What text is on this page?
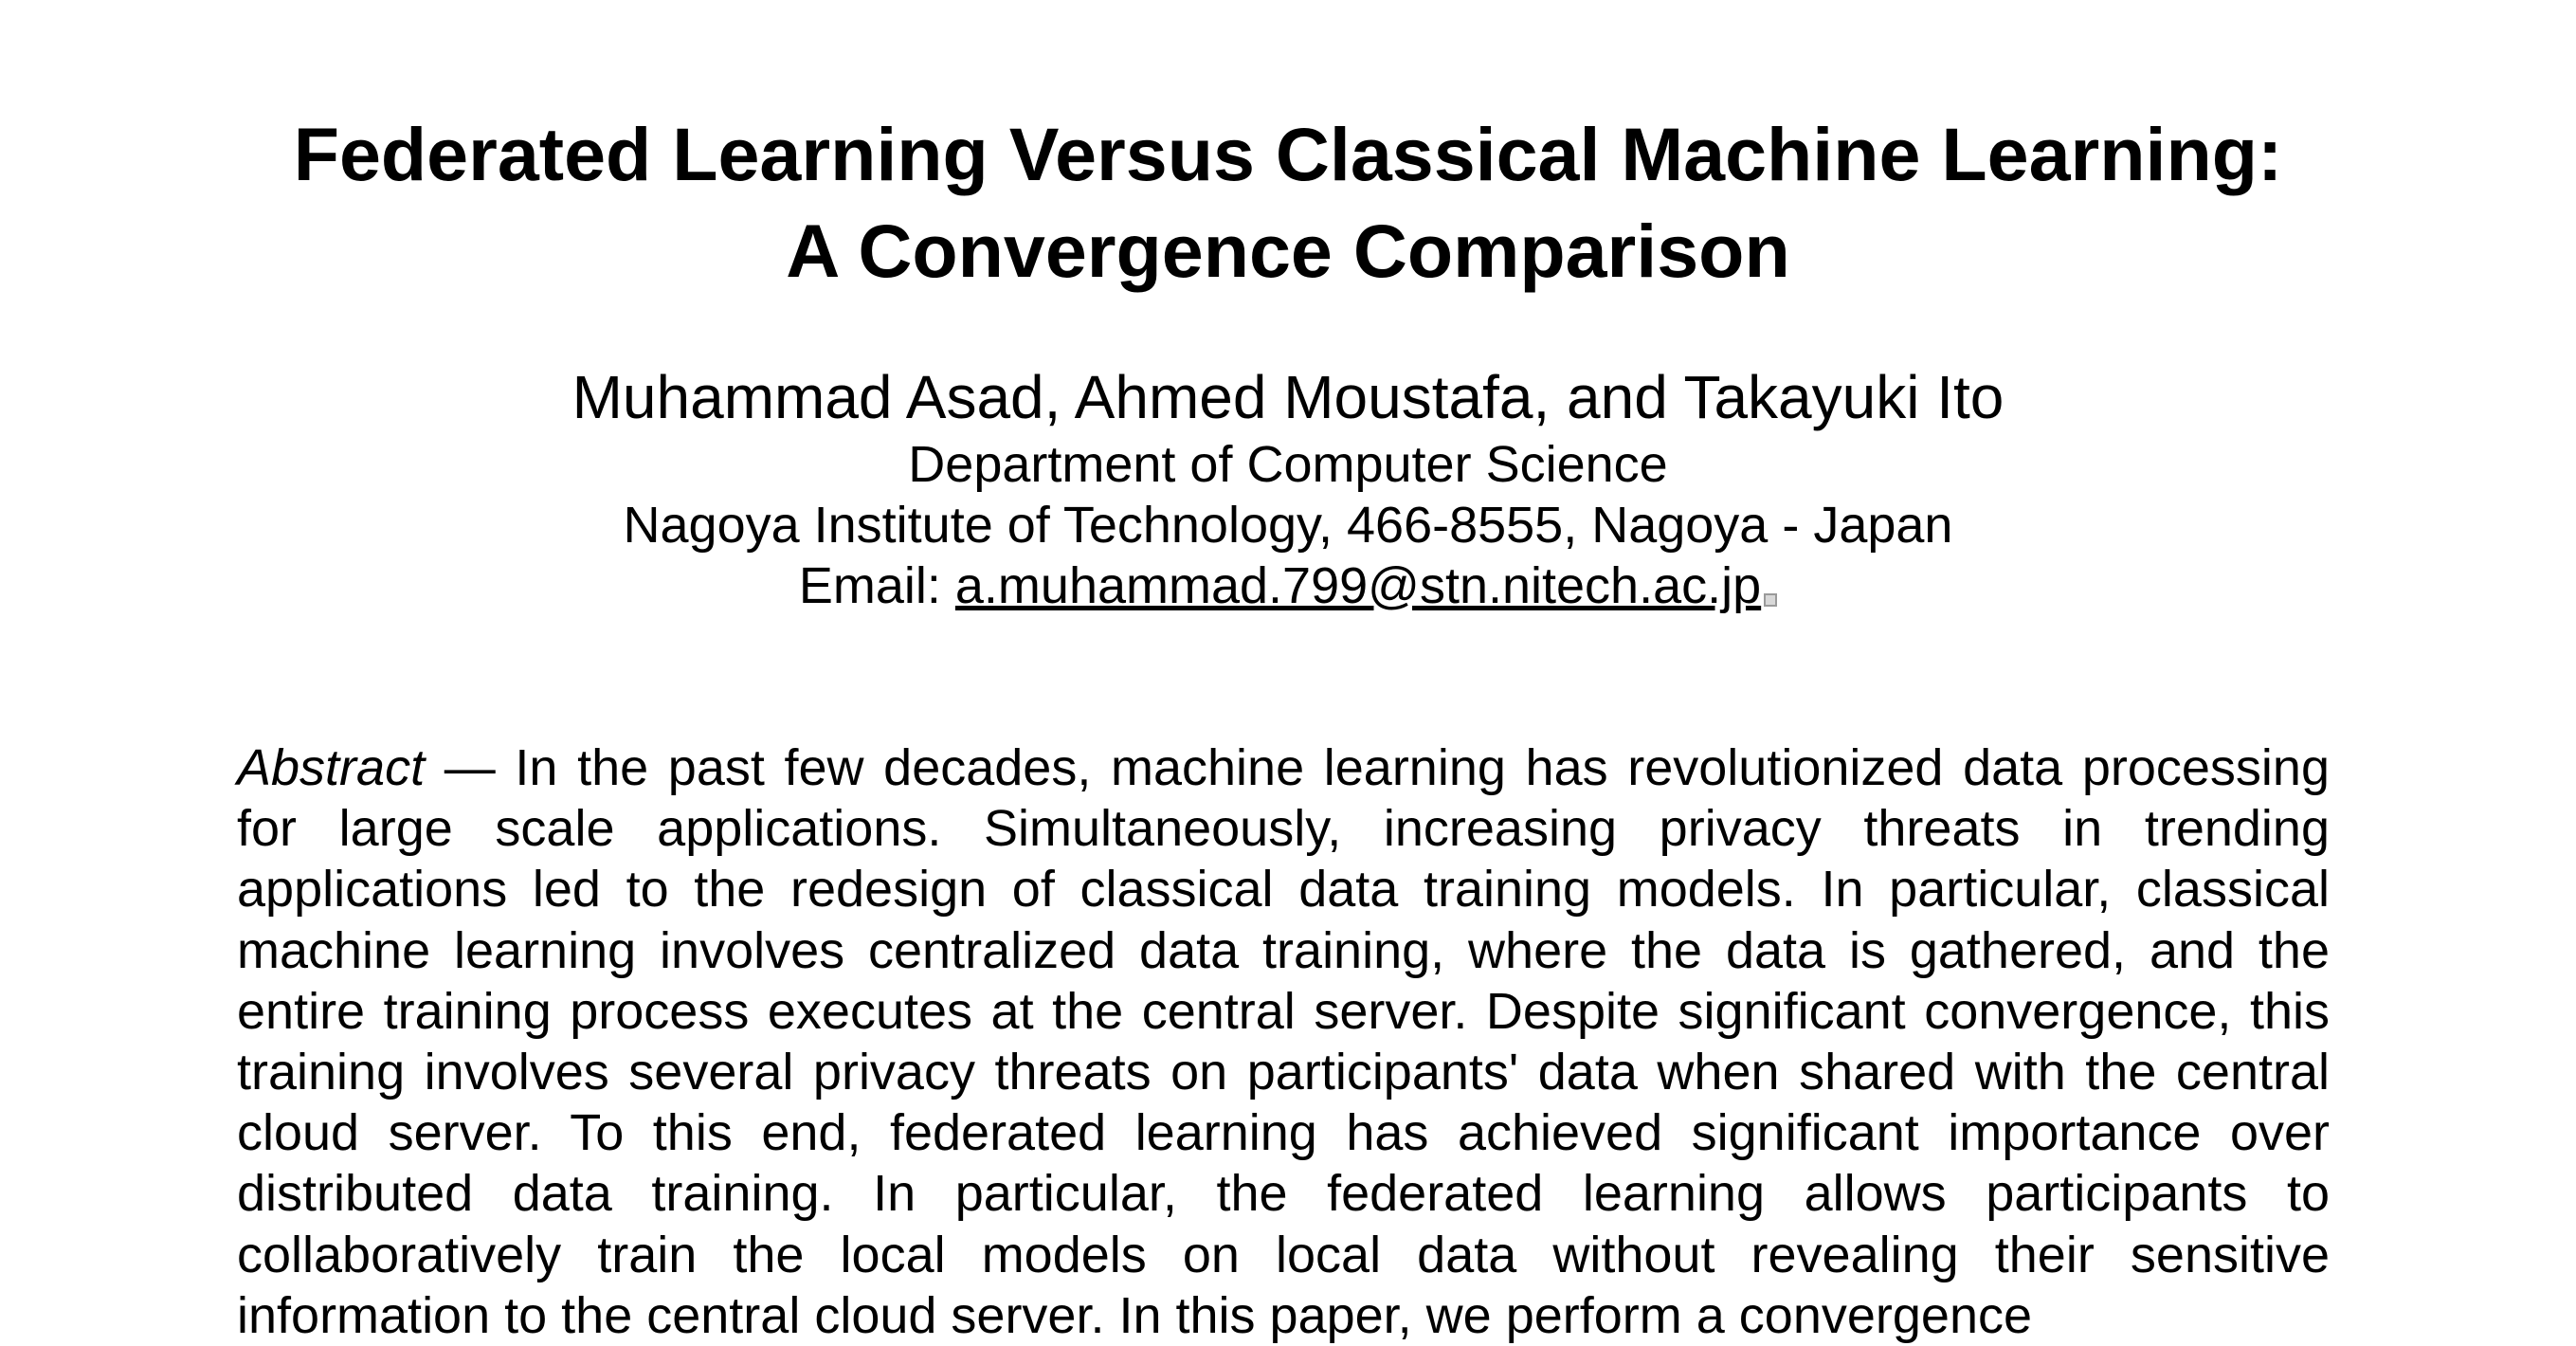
Federated Learning Versus Classical Machine Learning:
A Convergence Comparison

Muhammad Asad, Ahmed Moustafa, and Takayuki Ito

Department of Computer Science

Nagoya Institute of Technology, 466-8555, Nagoya - Japan

Email: a.muhammad.799@stn.nitech.ac.jp

Abstract — In the past few decades, machine learning has revolutionized data processing for large scale applications. Simultaneously, increasing privacy threats in trending applications led to the redesign of classical data training models. In particular, classical machine learning involves centralized data training, where the data is gathered, and the entire training process executes at the central server. Despite significant convergence, this training involves several privacy threats on participants' data when shared with the central cloud server. To this end, federated learning has achieved significant importance over distributed data training. In particular, the federated learning allows participants to collaboratively train the local models on local data without revealing their sensitive information to the central cloud server. In this paper, we perform a convergence
